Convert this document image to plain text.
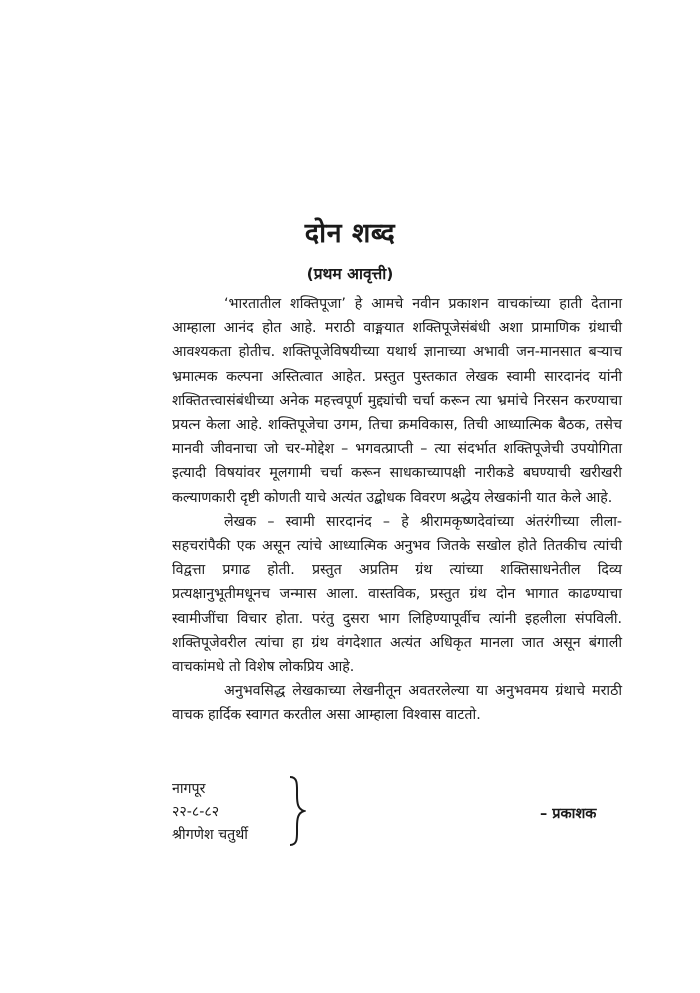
दोन शब्द
(प्रथम आवृत्ती)

‘भारतातील शक्तिपूजा’ हे आमचे नवीन प्रकाशन वाचकांच्या हाती देताना आम्हाला आनंद होत आहे. मराठी वाङ्मयात शक्तिपूजेसंबंधी अशा प्रामाणिक ग्रंथाची आवश्यकता होतीच. शक्तिपूजेविषयीच्या यथार्थ ज्ञानाच्या अभावी जन-मानसात बऱ्याच भ्रमात्मक कल्पना अस्तित्वात आहेत. प्रस्तुत पुस्तकात लेखक स्वामी सारदानंद यांनी शक्तितत्त्वासंबंधीच्या अनेक महत्त्वपूर्ण मुद्द्यांची चर्चा करून त्या भ्रमांचे निरसन करण्याचा प्रयत्न केला आहे. शक्तिपूजेचा उगम, तिचा क्रमविकास, तिची आध्यात्मिक बैठक, तसेच मानवी जीवनाचा जो चर-मोद्देश – भगवत्प्राप्ती – त्या संदर्भात शक्तिपूजेची उपयोगिता इत्यादी विषयांवर मूलगामी चर्चा करून साधकाच्यापक्षी नारीकडे बघण्याची खरीखरी कल्याणकारी दृष्टी कोणती याचे अत्यंत उद्बोधक विवरण श्रद्धेय लेखकांनी यात केले आहे.

लेखक – स्वामी सारदानंद – हे श्रीरामकृष्णदेवांच्या अंतरंगीच्या लीला-सहचरांपैकी एक असून त्यांचे आध्यात्मिक अनुभव जितके सखोल होते तितकीच त्यांची विद्वत्ता प्रगाढ होती. प्रस्तुत अप्रतिम ग्रंथ त्यांच्या शक्तिसाधनेतील दिव्य प्रत्यक्षानुभूतीमधूनच जन्मास आला. वास्तविक, प्रस्तुत ग्रंथ दोन भागात काढण्याचा स्वामीजींचा विचार होता. परंतु दुसरा भाग लिहिण्यापूर्वीच त्यांनी इहलीला संपविली. शक्तिपूजेवरील त्यांचा हा ग्रंथ वंगदेशात अत्यंत अधिकृत मानला जात असून बंगाली वाचकांमधे तो विशेष लोकप्रिय आहे.

अनुभवसिद्ध लेखकाच्या लेखनीतून अवतरलेल्या या अनुभवमय ग्रंथाचे मराठी वाचक हार्दिक स्वागत करतील असा आम्हाला विश्वास वाटतो.

नागपूर
२२-८-८२
श्रीगणेश चतुर्थी
– प्रकाशक
